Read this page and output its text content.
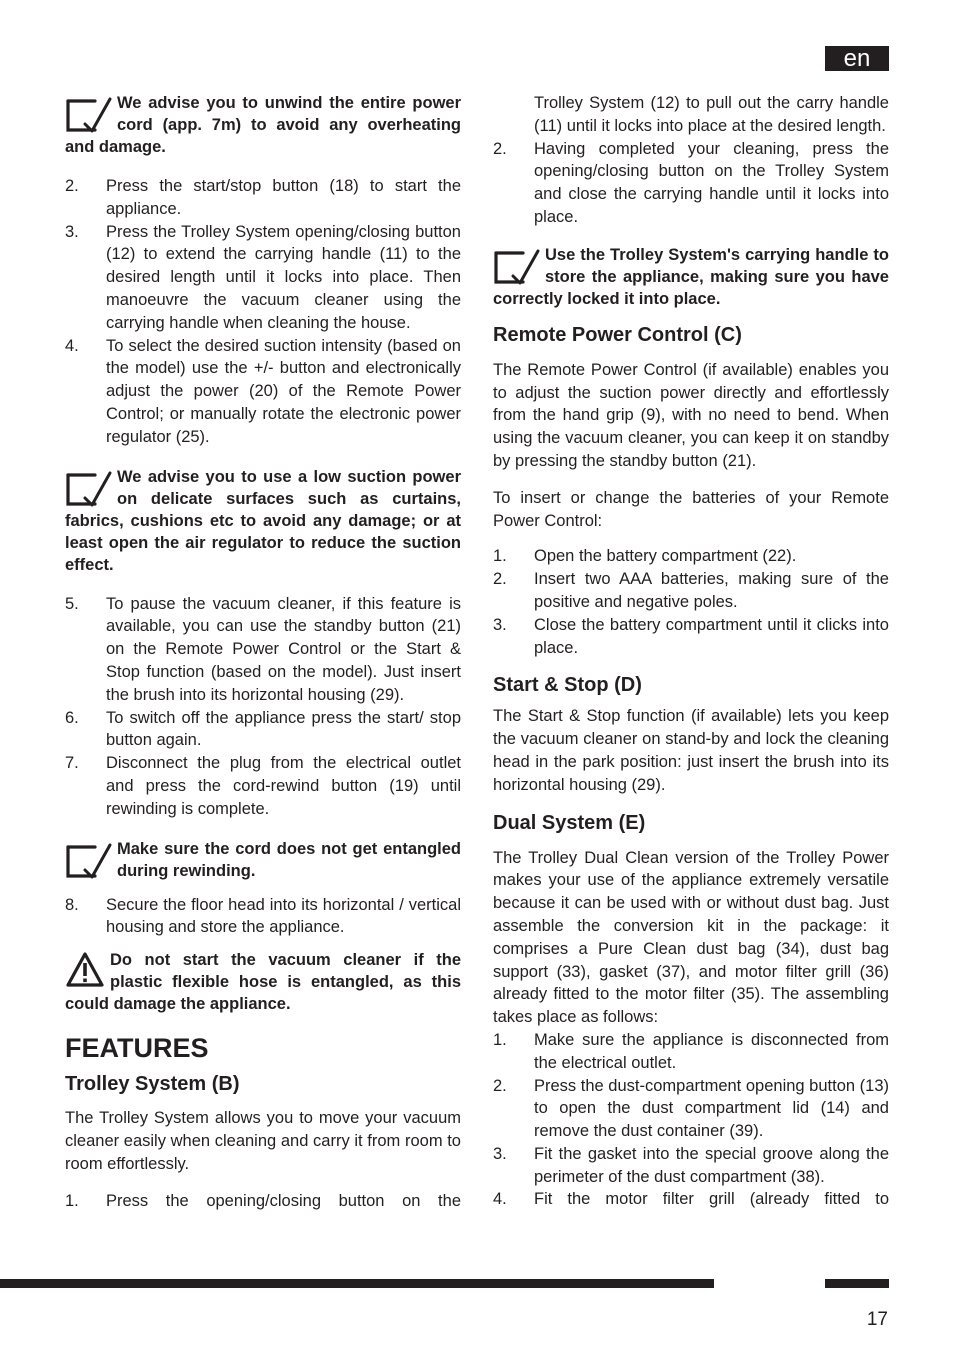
en
We advise you to unwind the entire power cord (app. 7m) to avoid any overheating and damage.
2.	Press the start/stop button (18) to start the appliance.
3.	Press the Trolley System opening/closing button (12) to extend the carrying handle (11) to the desired length until it locks into place. Then manoeuvre the vacuum cleaner using the carrying handle when cleaning the house.
4.	To select the desired suction intensity (based on the model) use the +/- button and electronically adjust the power (20) of the Remote Power Control; or manually rotate the electronic power regulator (25).
We advise you to use a low suction power on delicate surfaces such as curtains, fabrics, cushions etc to avoid any damage; or at least open the air regulator to reduce the suction effect.
5.	To pause the vacuum cleaner, if this feature is available, you can use the standby button (21) on the Remote Power Control or the Start & Stop function (based on the model). Just insert the brush into its horizontal housing (29).
6.	To switch off the appliance press the start/ stop button again.
7.	Disconnect the plug from the electrical outlet and press the cord-rewind button (19) until rewinding is complete.
Make sure the cord does not get entangled during rewinding.
8.	Secure the floor head into its horizontal / vertical housing and store the appliance.
Do not start the vacuum cleaner if the plastic flexible hose is entangled, as this could damage the appliance.
FEATURES
Trolley System (B)

The Trolley System allows you to move your vacuum cleaner easily when cleaning and carry it from room to room effortlessly.

1.	Press the opening/closing button on the
Trolley System (12) to pull out the carry handle (11) until it locks into place at the desired length.
2.	Having completed your cleaning, press the opening/closing button on the Trolley System and close the carrying handle until it locks into place.
Use the Trolley System's carrying handle to store the appliance, making sure you have correctly locked it into place.
Remote Power Control (C)

The Remote Power Control (if available) enables you to adjust the suction power directly and effortlessly from the hand grip (9), with no need to bend. When using the vacuum cleaner, you can keep it on standby by pressing the standby button (21).

To insert or change the batteries of your Remote Power Control:

1.	Open the battery compartment (22).
2.	Insert two AAA batteries, making sure of the positive and negative poles.
3.	Close the battery compartment until it clicks into place.
Start & Stop (D)

The Start & Stop function (if available) lets you keep the vacuum cleaner on stand-by and lock the cleaning head in the park position: just insert the brush into its horizontal housing (29).

Dual System (E)

The Trolley Dual Clean version of the Trolley Power makes your use of the appliance extremely versatile because it can be used with or without dust bag. Just assemble the conversion kit in the package: it comprises a Pure Clean dust bag (34), dust bag support (33), gasket (37), and motor filter grill (36) already fitted to the motor filter (35). The assembling takes place as follows:

1.	Make sure the appliance is disconnected from the electrical outlet.
2.	Press the dust-compartment opening button (13) to open the dust compartment lid (14) and remove the dust container (39).
3.	Fit the gasket into the special groove along the perimeter of the dust compartment (38).
4.	Fit the motor filter grill (already fitted to
17
